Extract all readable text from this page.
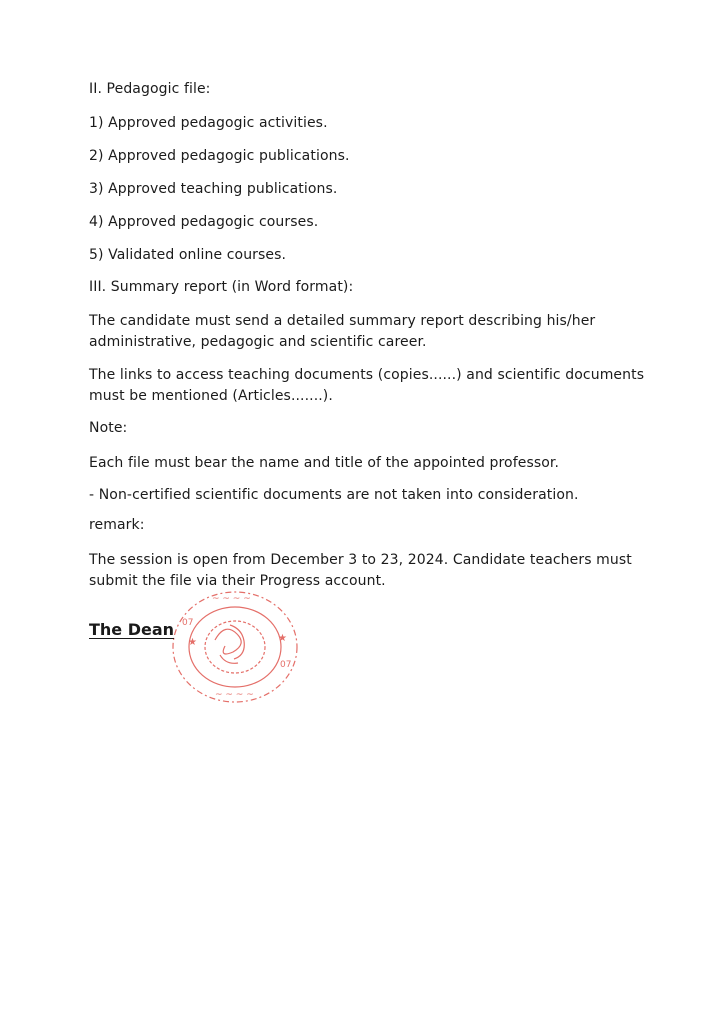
II. Pedagogic file:
1) Approved pedagogic activities.
2) Approved pedagogic publications.
3) Approved teaching publications.
4) Approved pedagogic courses.
5) Validated online courses.
III. Summary report (in Word format):
The candidate must send a detailed summary report describing his/her administrative, pedagogic and scientific career.
The links to access teaching documents (copies......) and scientific documents must be mentioned (Articles.......).
Note:
Each file must bear the name and title of the appointed professor.
- Non-certified scientific documents are not taken into consideration.
remark:
The session is open from December 3 to 23, 2024. Candidate teachers must submit the file via their Progress account.
07
07
★	★
~ ~ ~ ~
~ ~ ~ ~
The Dean
